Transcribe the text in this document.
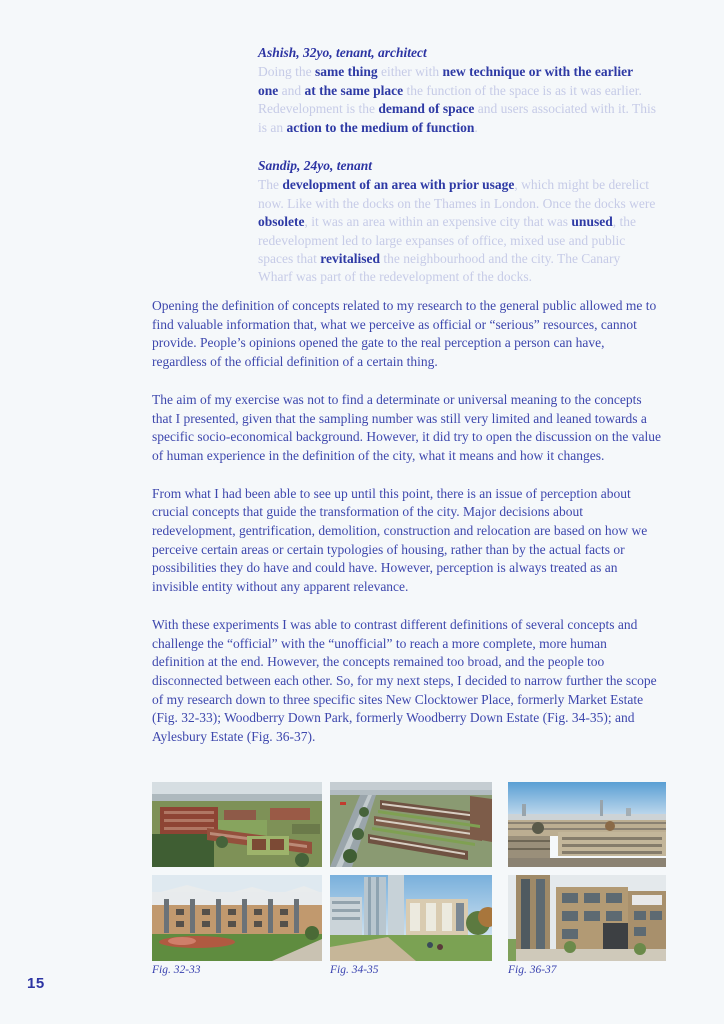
Ashish, 32yo, tenant, architect

Doing the same thing either with new technique or with the earlier one and at the same place the function of the space is as it was earlier. Redevelopment is the demand of space and users associated with it. This is an action to the medium of function.

Sandip, 24yo, tenant

The development of an area with prior usage, which might be derelict now. Like with the docks on the Thames in London. Once the docks were obsolete, it was an area within an expensive city that was unused, the redevelopment led to large expanses of office, mixed use and public spaces that revitalised the neighbourhood and the city. The Canary Wharf was part of the redevelopment of the docks.

Opening the definition of concepts related to my research to the general public allowed me to find valuable information that, what we perceive as official or “serious” resources, cannot provide. People’s opinions opened the gate to the real perception a person can have, regardless of the official definition of a certain thing.

The aim of my exercise was not to find a determinate or universal meaning to the concepts that I presented, given that the sampling number was still very limited and leaned towards a specific socio-economical background. However, it did try to open the discussion on the value of human experience in the definition of the city, what it means and how it changes.

From what I had been able to see up until this point, there is an issue of perception about crucial concepts that guide the transformation of the city. Major decisions about redevelopment, gentrification, demolition, construction and relocation are based on how we perceive certain areas or certain typologies of housing, rather than by the actual facts or possibilities they do have and could have. However, perception is always treated as an invisible entity without any apparent relevance.

With these experiments I was able to contrast different definitions of several concepts and challenge the “official” with the “unofficial” to reach a more complete, more human definition at the end. However, the concepts remained too broad, and the people too disconnected between each other. So, for my next steps, I decided to narrow further the scope of my research down to three specific sites New Clocktower Place, formerly Market Estate (Fig. 32-33); Woodberry Down Park, formerly Woodberry Down Estate (Fig. 34-35); and Aylesbury Estate (Fig. 36-37).

Fig. 32-33	Fig. 34-35	Fig. 36-37
15
